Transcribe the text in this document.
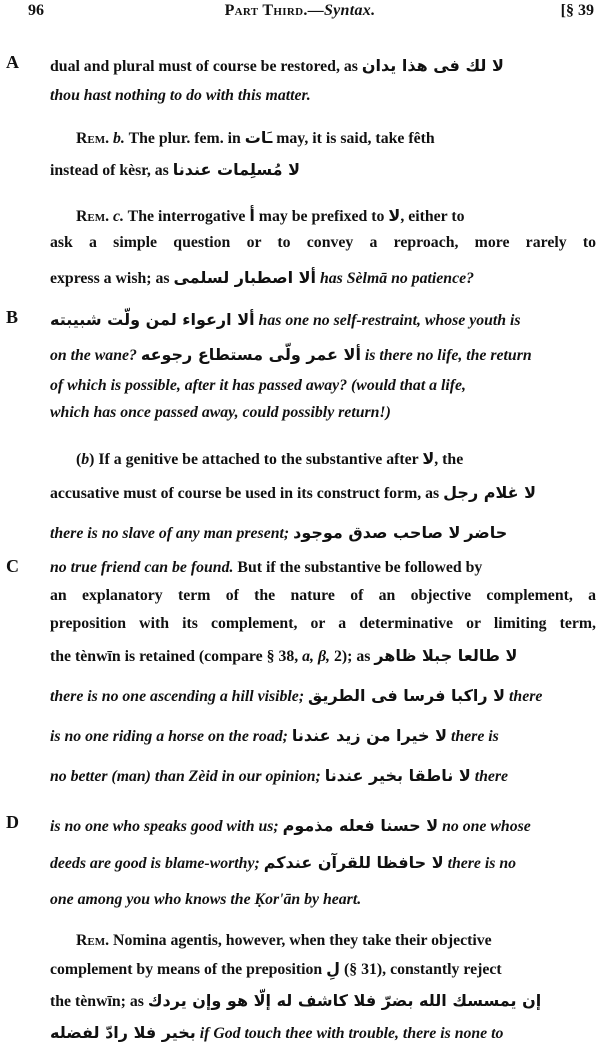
96	Part Third.—Syntax.	[§ 39
A
B
C
D
dual and plural must of course be restored, as لا لك فى هذا يدان
thou hast nothing to do with this matter.
Rem. b. The plur. fem. in ـَات may, it is said, take fêth
instead of kèsr, as لا مُسلِمات عندنا
Rem. c. The interrogative أ may be prefixed to لا, either to
ask a simple question or to convey a reproach, more rarely to
express a wish; as ألا اصطبار لسلمى has Sèlmā no patience?
ألا ارعواء لمن ولّت شبيبته has one no self-restraint, whose youth is
on the wane? ألا عمر ولّى مستطاع رجوعه is there no life, the return
of which is possible, after it has passed away? (would that a life,
which has once passed away, could possibly return!)
(b) If a genitive be attached to the substantive after لا, the
accusative must of course be used in its construct form, as لا غلام رجل
there is no slave of any man present; لا صاحب صدق موجود حاضر
no true friend can be found. But if the substantive be followed by
an explanatory term of the nature of an objective complement, a
preposition with its complement, or a determinative or limiting term,
the tènwīn is retained (compare § 38, a, β, 2); as لا طالعا جبلا ظاهر
there is no one ascending a hill visible; لا راكبا فرسا فى الطريق there
is no one riding a horse on the road; لا خيرا من زيد عندنا there is
no better (man) than Zèid in our opinion; لا ناطقا بخير عندنا there
is no one who speaks good with us; لا حسنا فعله مذموم no one whose
deeds are good is blame-worthy; لا حافظا للقرآن عندكم there is no
one among you who knows the Ḳor'ān by heart.
Rem. Nomina agentis, however, when they take their objective
complement by means of the preposition لِ (§ 31), constantly reject
the tènwīn; as إن يمسسك الله بضرّ فلا كاشف له إلّا هو وإن يردك
بخير فلا رادّ لفضله if God touch thee with trouble, there is none to
